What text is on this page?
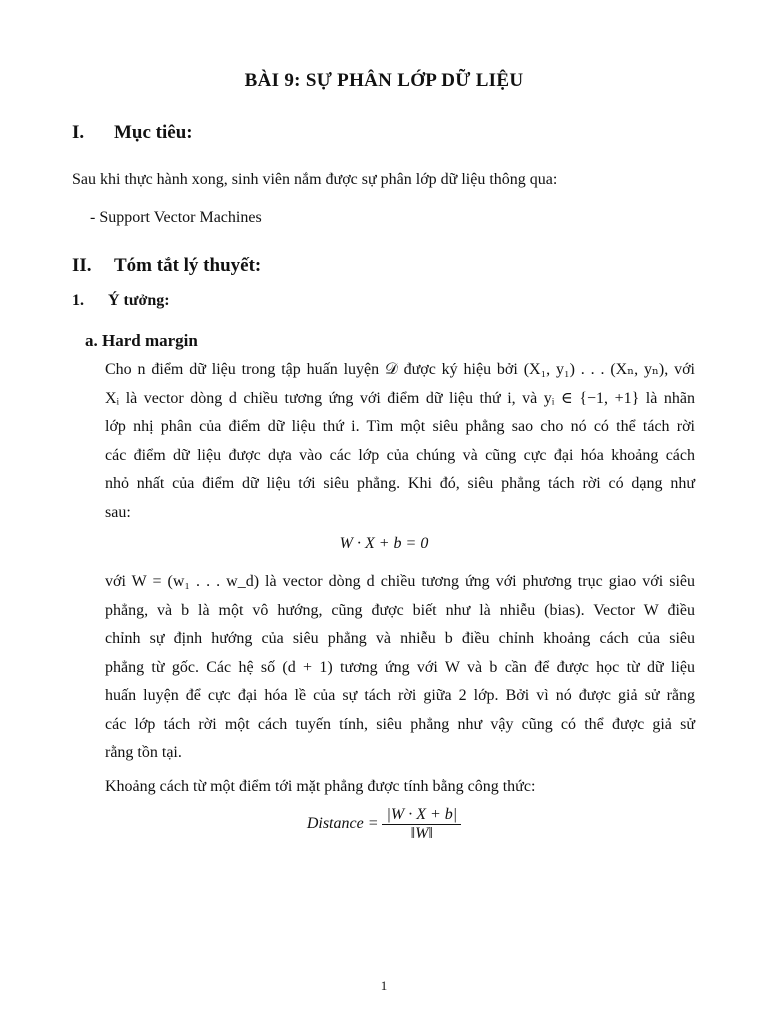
BÀI 9: SỰ PHÂN LỚP DỮ LIỆU
I. Mục tiêu:
Sau khi thực hành xong, sinh viên nắm được sự phân lớp dữ liệu thông qua:
- Support Vector Machines
II. Tóm tắt lý thuyết:
1. Ý tưởng:
a. Hard margin
Cho n điểm dữ liệu trong tập huấn luyện 𝒟 được ký hiệu bởi (X₁, y₁) . . . (Xₙ, yₙ), với
Xᵢ là vector dòng d chiều tương ứng với điểm dữ liệu thứ i, và yᵢ ∈ {−1, +1} là nhãn
lớp nhị phân của điểm dữ liệu thứ i. Tìm một siêu phẳng sao cho nó có thể tách rời
các điểm dữ liệu được dựa vào các lớp của chúng và cũng cực đại hóa khoảng cách
nhỏ nhất của điểm dữ liệu tới siêu phẳng. Khi đó, siêu phẳng tách rời có dạng như
sau:
W · X + b = 0
với W = (w₁ . . . w_d) là vector dòng d chiều tương ứng với phương trục giao với siêu
phẳng, và b là một vô hướng, cũng được biết như là nhiễu (bias). Vector W điều
chỉnh sự định hướng của siêu phẳng và nhiễu b điều chỉnh khoảng cách của siêu
phẳng từ gốc. Các hệ số (d + 1) tương ứng với W và b cần để được học từ dữ liệu
huấn luyện để cực đại hóa lề của sự tách rời giữa 2 lớp. Bởi vì nó được giả sử rằng
các lớp tách rời một cách tuyến tính, siêu phẳng như vậy cũng có thể được giả sử
rằng tồn tại.
Khoảng cách từ một điểm tới mặt phẳng được tính bằng công thức:
Distance = $\frac{|W \cdot X + b|}{‖W‖}$
1
